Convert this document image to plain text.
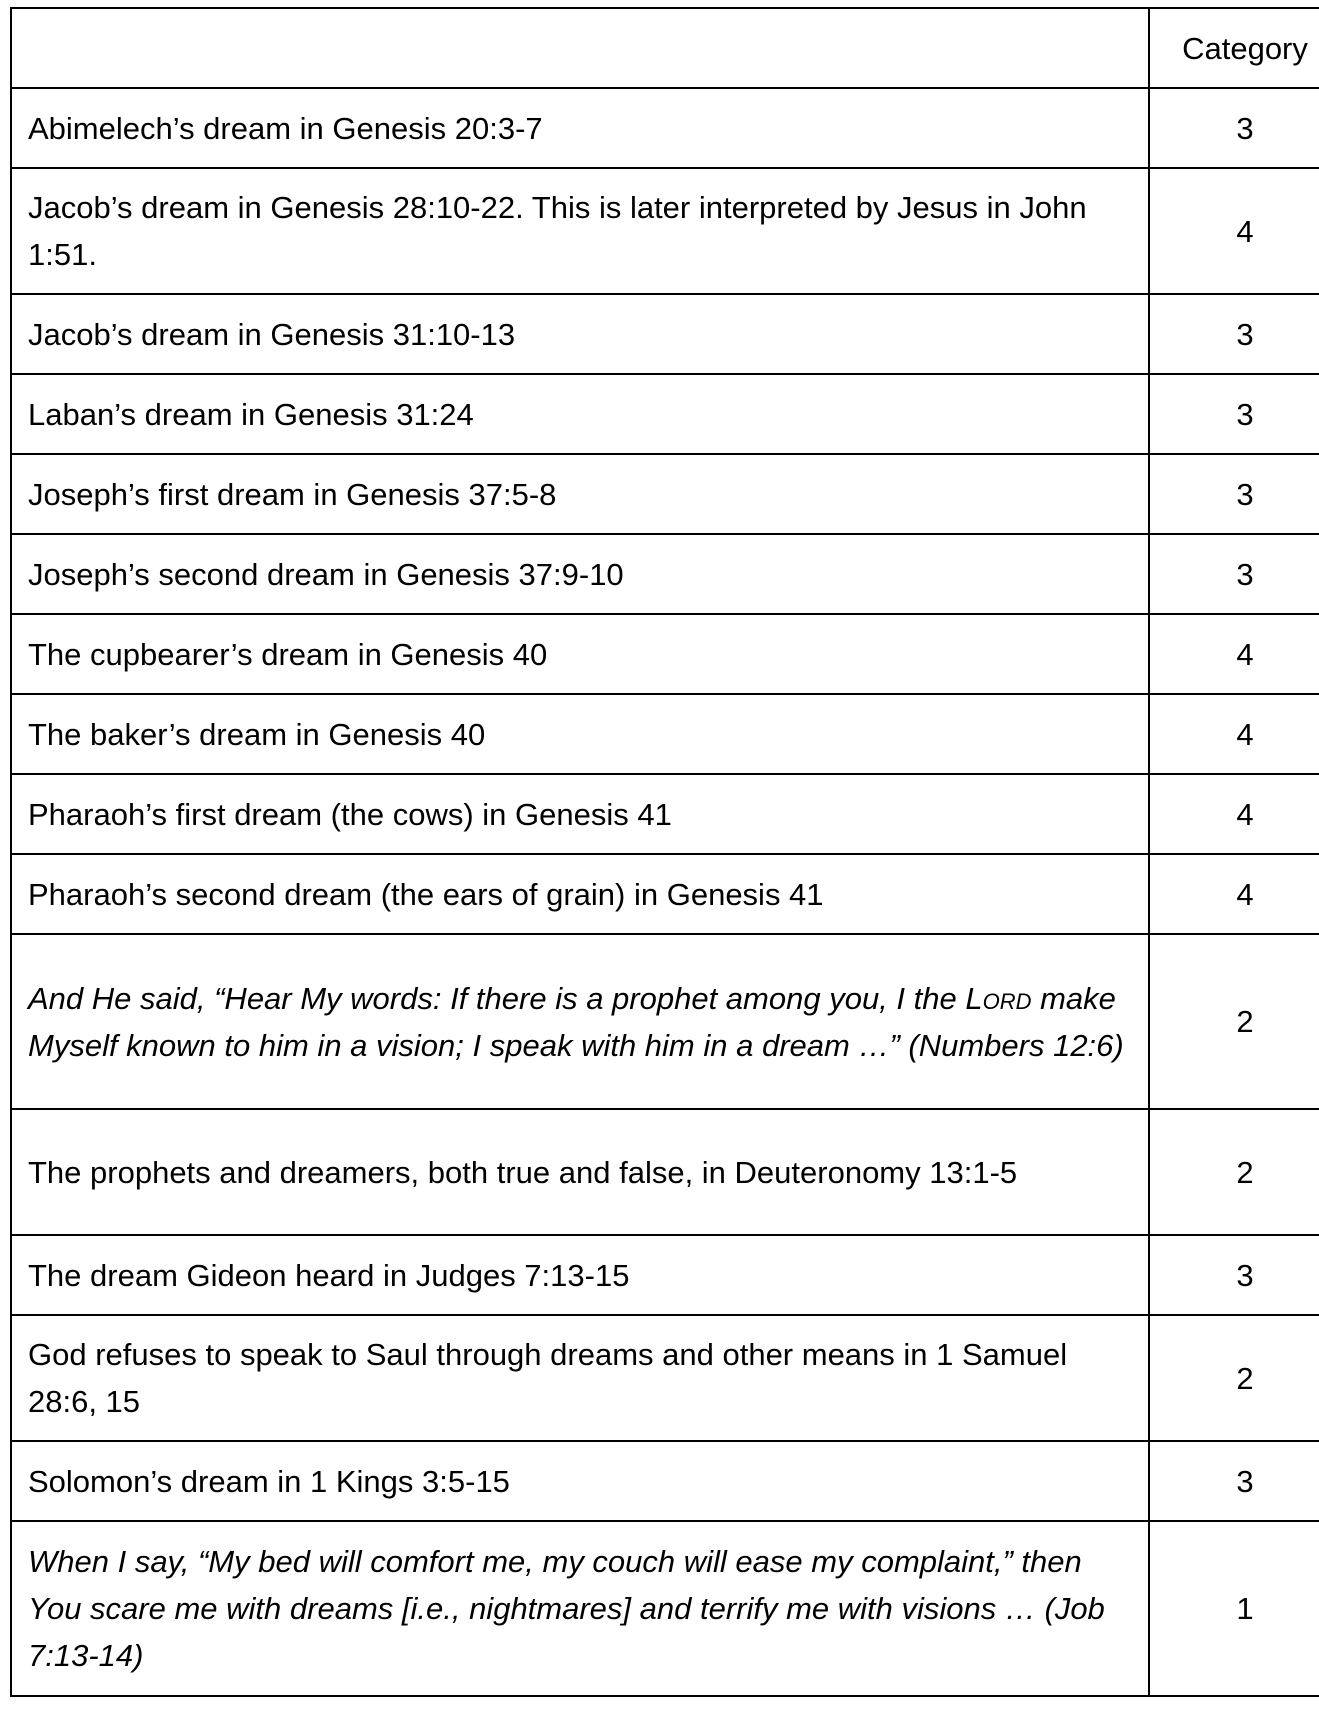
	Category
Abimelech’s dream in Genesis 20:3-7	3
Jacob’s dream in Genesis 28:10-22. This is later interpreted by Jesus in John 1:51.	4
Jacob’s dream in Genesis 31:10-13	3
Laban’s dream in Genesis 31:24	3
Joseph’s first dream in Genesis 37:5-8	3
Joseph’s second dream in Genesis 37:9-10	3
The cupbearer’s dream in Genesis 40	4
The baker’s dream in Genesis 40	4
Pharaoh’s first dream (the cows) in Genesis 41	4
Pharaoh’s second dream (the ears of grain) in Genesis 41	4
And He said, “Hear My words: If there is a prophet among you, I the Lord make Myself known to him in a vision; I speak with him in a dream …” (Numbers 12:6)	2
The prophets and dreamers, both true and false, in Deuteronomy 13:1-5	2
The dream Gideon heard in Judges 7:13-15	3
God refuses to speak to Saul through dreams and other means in 1 Samuel 28:6, 15	2
Solomon’s dream in 1 Kings 3:5-15	3
When I say, “My bed will comfort me, my couch will ease my complaint,” then You scare me with dreams [i.e., nightmares] and terrify me with visions … (Job 7:13-14)	1
